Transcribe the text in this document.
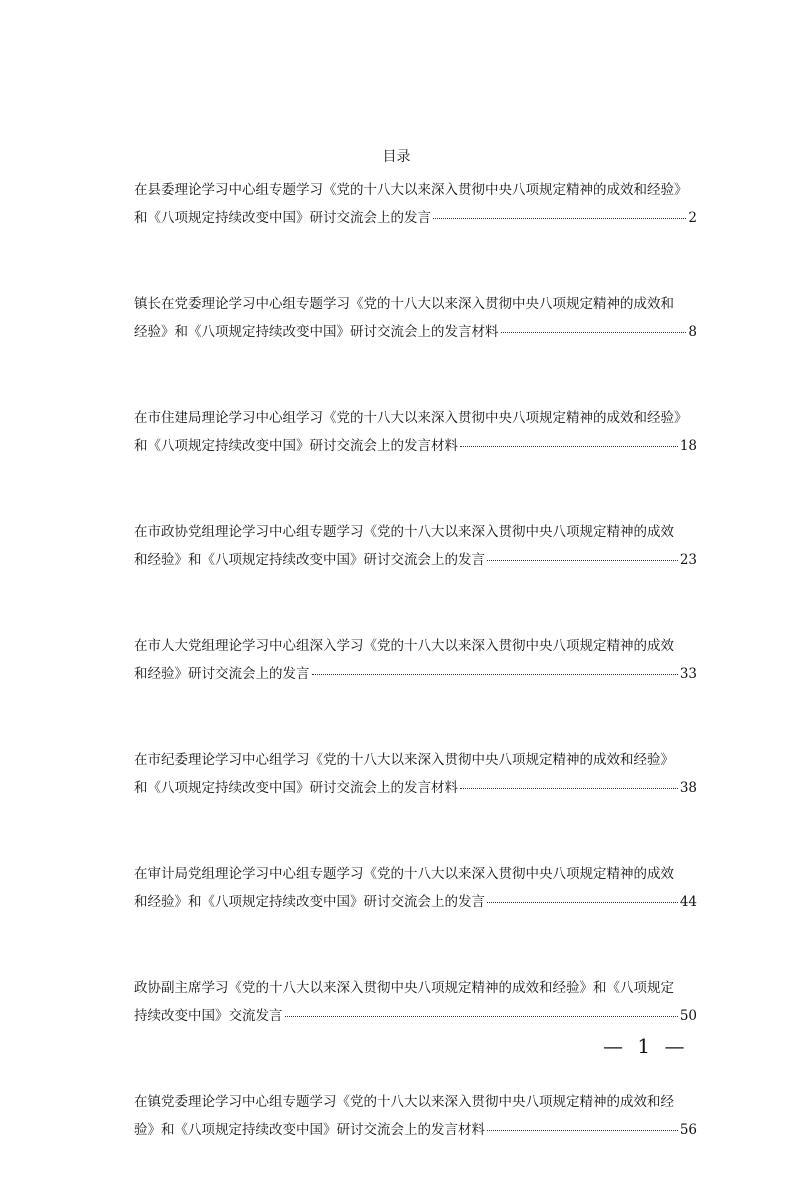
目录
在县委理论学习中心组专题学习《党的十八大以来深入贯彻中央八项规定精神的成效和经验》
和《八项规定持续改变中国》研讨交流会上的发言	2
镇长在党委理论学习中心组专题学习《党的十八大以来深入贯彻中央八项规定精神的成效和
经验》和《八项规定持续改变中国》研讨交流会上的发言材料	8
在市住建局理论学习中心组学习《党的十八大以来深入贯彻中央八项规定精神的成效和经验》
和《八项规定持续改变中国》研讨交流会上的发言材料	18
在市政协党组理论学习中心组专题学习《党的十八大以来深入贯彻中央八项规定精神的成效
和经验》和《八项规定持续改变中国》研讨交流会上的发言	23
在市人大党组理论学习中心组深入学习《党的十八大以来深入贯彻中央八项规定精神的成效
和经验》研讨交流会上的发言	33
在市纪委理论学习中心组学习《党的十八大以来深入贯彻中央八项规定精神的成效和经验》
和《八项规定持续改变中国》研讨交流会上的发言材料	38
在审计局党组理论学习中心组专题学习《党的十八大以来深入贯彻中央八项规定精神的成效
和经验》和《八项规定持续改变中国》研讨交流会上的发言	44
政协副主席学习《党的十八大以来深入贯彻中央八项规定精神的成效和经验》和《八项规定
持续改变中国》交流发言	50
在镇党委理论学习中心组专题学习《党的十八大以来深入贯彻中央八项规定精神的成效和经
验》和《八项规定持续改变中国》研讨交流会上的发言材料	56
— 1 —
